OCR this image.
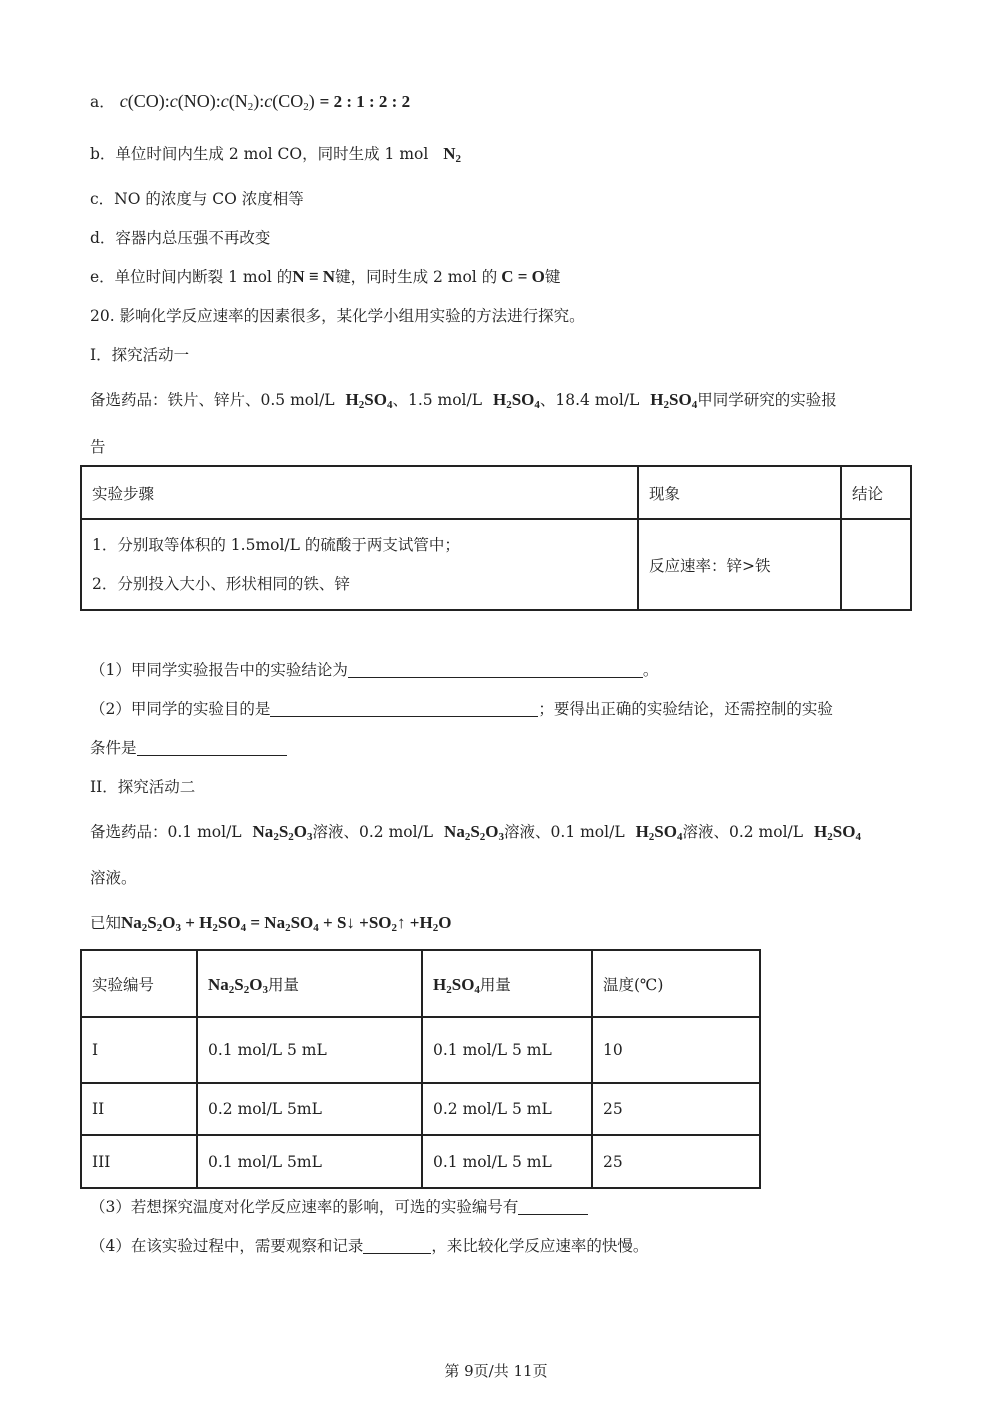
a． $c(CO):c(NO):c(N_2):c(CO_2) = 2$ : 1 : 2 : 2
b．单位时间内生成 2 mol CO，同时生成 1 mol $N_2$
c．NO 的浓度与 CO 浓度相等
d．容器内总压强不再改变
e．单位时间内断裂 1 mol 的N ≡ N键，同时生成 2 mol 的 C = O键
20. 影响化学反应速率的因素很多，某化学小组用实验的方法进行探究。
I．探究活动一
备选药品：铁片、锌片、0.5 mol/L $H_2SO_4$、1.5 mol/L $H_2SO_4$、18.4 mol/L $H_2SO_4$甲同学研究的实验报
告
实验步骤	现象	结论

1．分别取等体积的 1.5mol/L 的硫酸于两支试管中；
2．分别投入大小、形状相同的铁、锌	反应速率：锌>铁	
（1）甲同学实验报告中的实验结论为	。
（2）甲同学的实验目的是	；要得出正确的实验结论，还需控制的实验
条件是
II．探究活动二
备选药品：0.1 mol/L $Na_2S_2O_3$溶液、0.2 mol/L $Na_2S_2O_3$溶液、0.1 mol/L $H_2SO_4$溶液、0.2 mol/L $H_2SO_4$
溶液。
已知$Na_2S_2O_3 + H_2SO_4 = Na_2SO_4$ + S↓ $+SO_2↑ +H_2O$
实验编号	$Na_2S_2O_3$用量	$H_2SO_4$用量	温度(℃)
I	0.1 mol/L 5 mL	0.1 mol/L 5 mL	10
II	0.2 mol/L 5mL	0.2 mol/L 5 mL	25
III	0.1 mol/L 5mL	0.1 mol/L 5 mL	25
（3）若想探究温度对化学反应速率的影响，可选的实验编号有
（4）在该实验过程中，需要观察和记录	，来比较化学反应速率的快慢。
第 9页/共 11页
